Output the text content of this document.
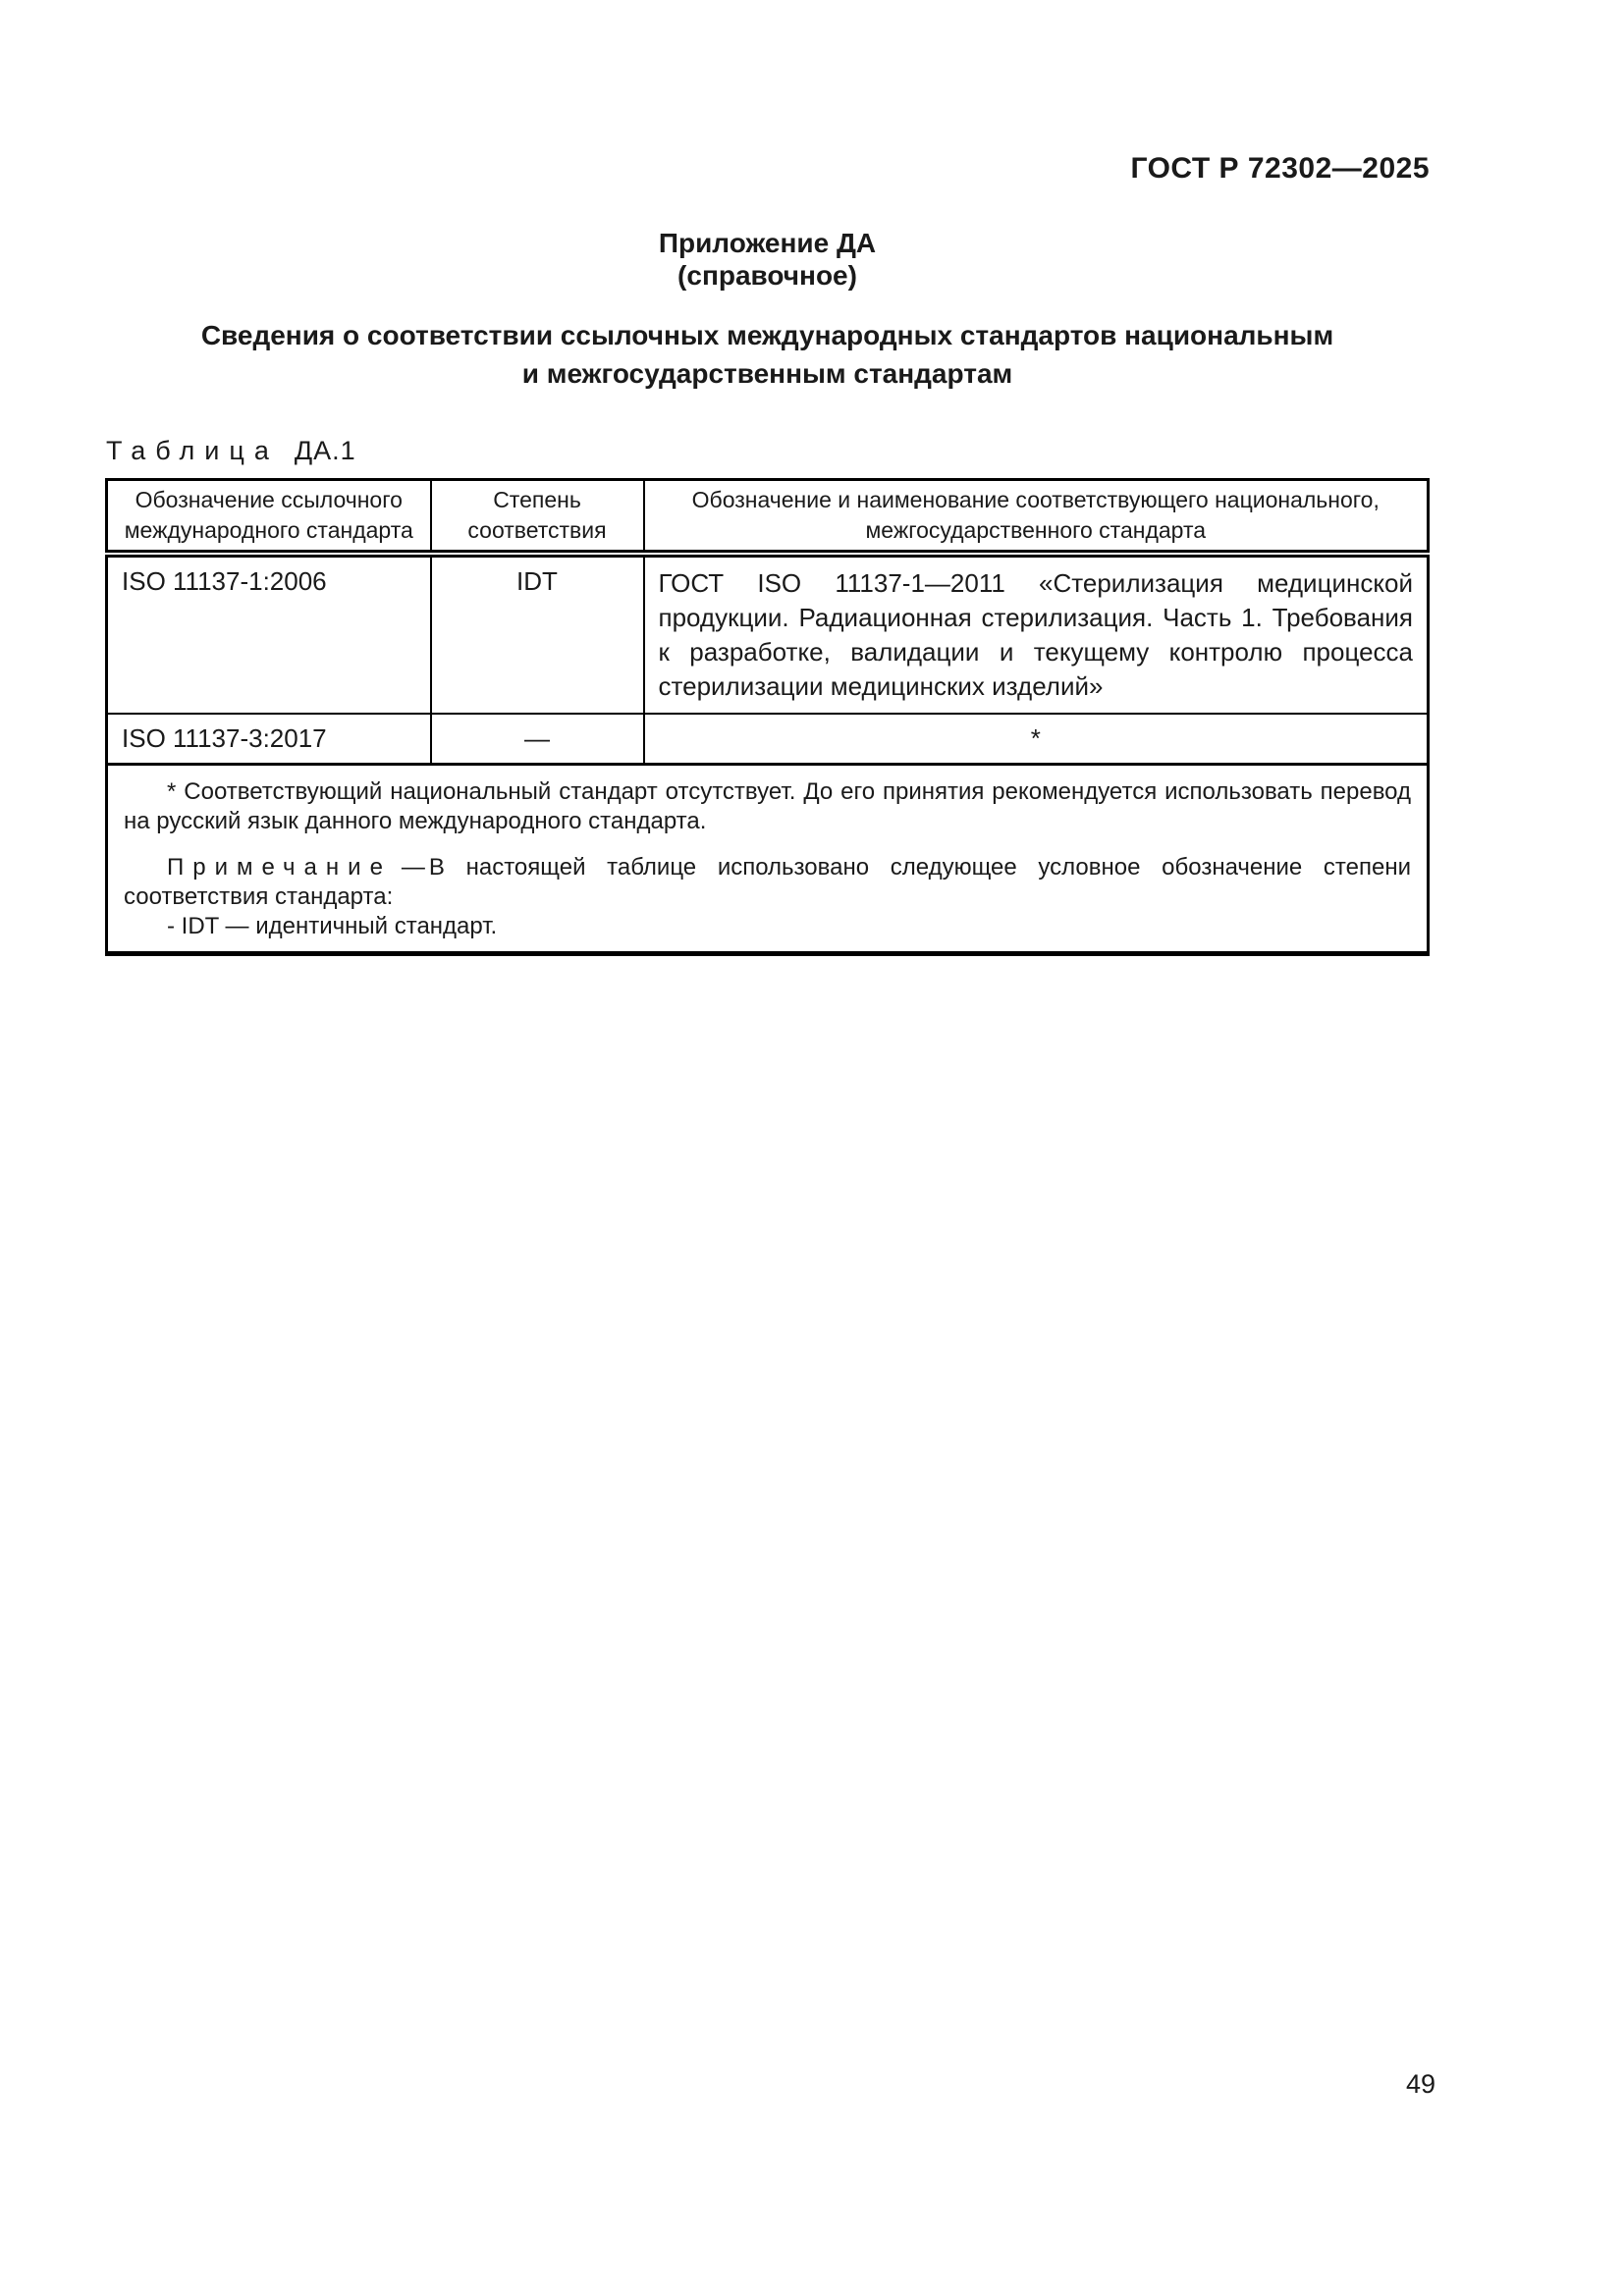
ГОСТ Р 72302—2025
Приложение ДА
(справочное)
Сведения о соответствии ссылочных международных стандартов национальным
и межгосударственным стандартам
Таблица ДА.1
Обозначение ссылочного международного стандарта	Степень соответствия	Обозначение и наименование соответствующего национального, межгосударственного стандарта
ISO 11137-1:2006	IDT	ГОСТ ISO 11137-1—2011 «Стерилизация медицинской продукции. Радиационная стерилизация. Часть 1. Требования к разработке, валидации и текущему контролю процесса стерилизации медицинских изделий»
ISO 11137-3:2017	—	*

* Соответствующий национальный стандарт отсутствует. До его принятия рекомендуется использовать перевод на русский язык данного международного стандарта.

Примечание — В настоящей таблице использовано следующее условное обозначение степени соответствия стандарта:

- IDT — идентичный стандарт.		

49
